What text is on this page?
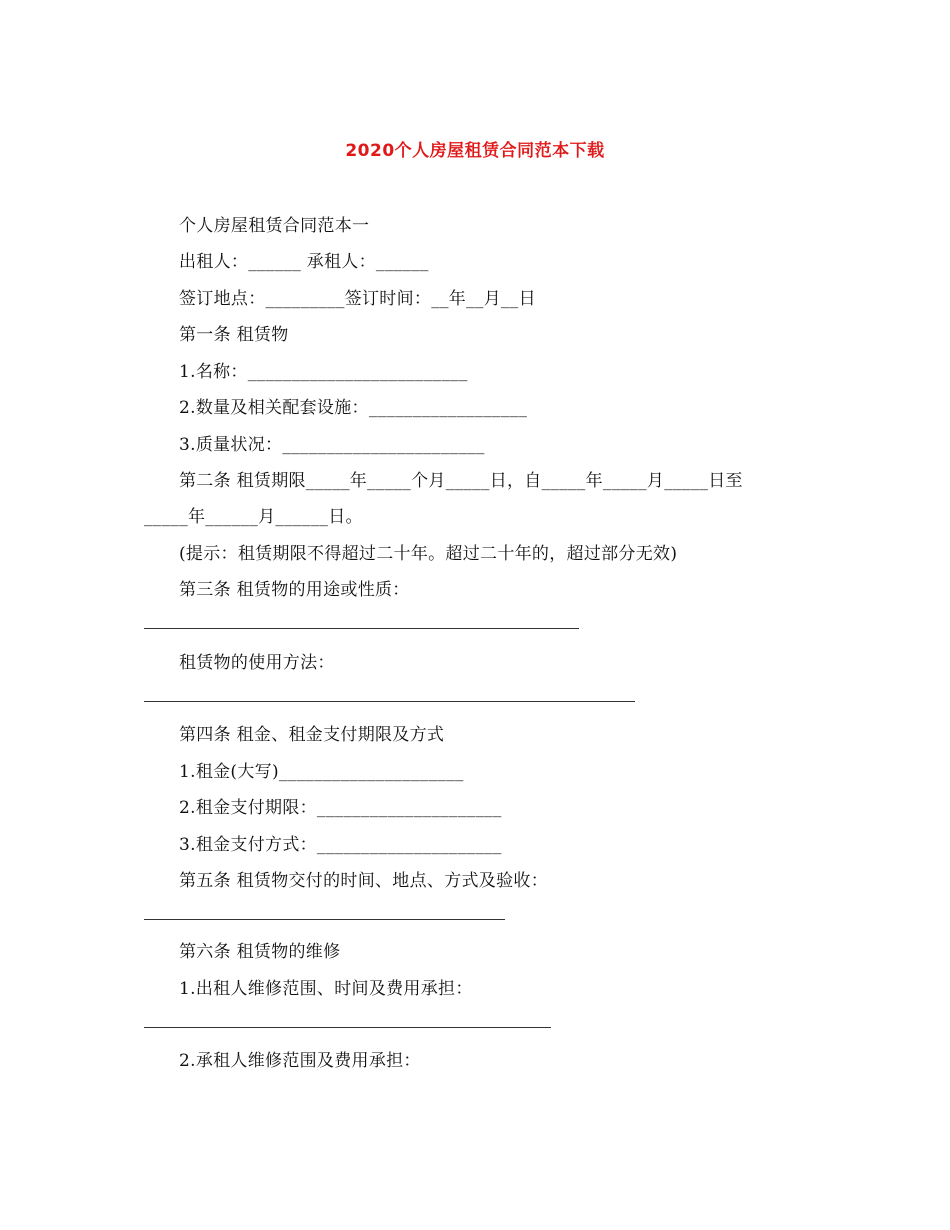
2020个人房屋租赁合同范本下载
个人房屋租赁合同范本一
出租人：______ 承租人：______
签订地点：_________签订时间：__年__月__日
第一条 租赁物
1.名称：_________________________
2.数量及相关配套设施：__________________
3.质量状况：_______________________
第二条 租赁期限_____年_____个月_____日，自_____年_____月_____日至
_____年______月______日。
(提示：租赁期限不得超过二十年。超过二十年的，超过部分无效)
第三条 租赁物的用途或性质：
租赁物的使用方法：
第四条 租金、租金支付期限及方式
1.租金(大写)_____________________
2.租金支付期限：_____________________
3.租金支付方式：_____________________
第五条 租赁物交付的时间、地点、方式及验收：
第六条 租赁物的维修
1.出租人维修范围、时间及费用承担：
2.承租人维修范围及费用承担：
